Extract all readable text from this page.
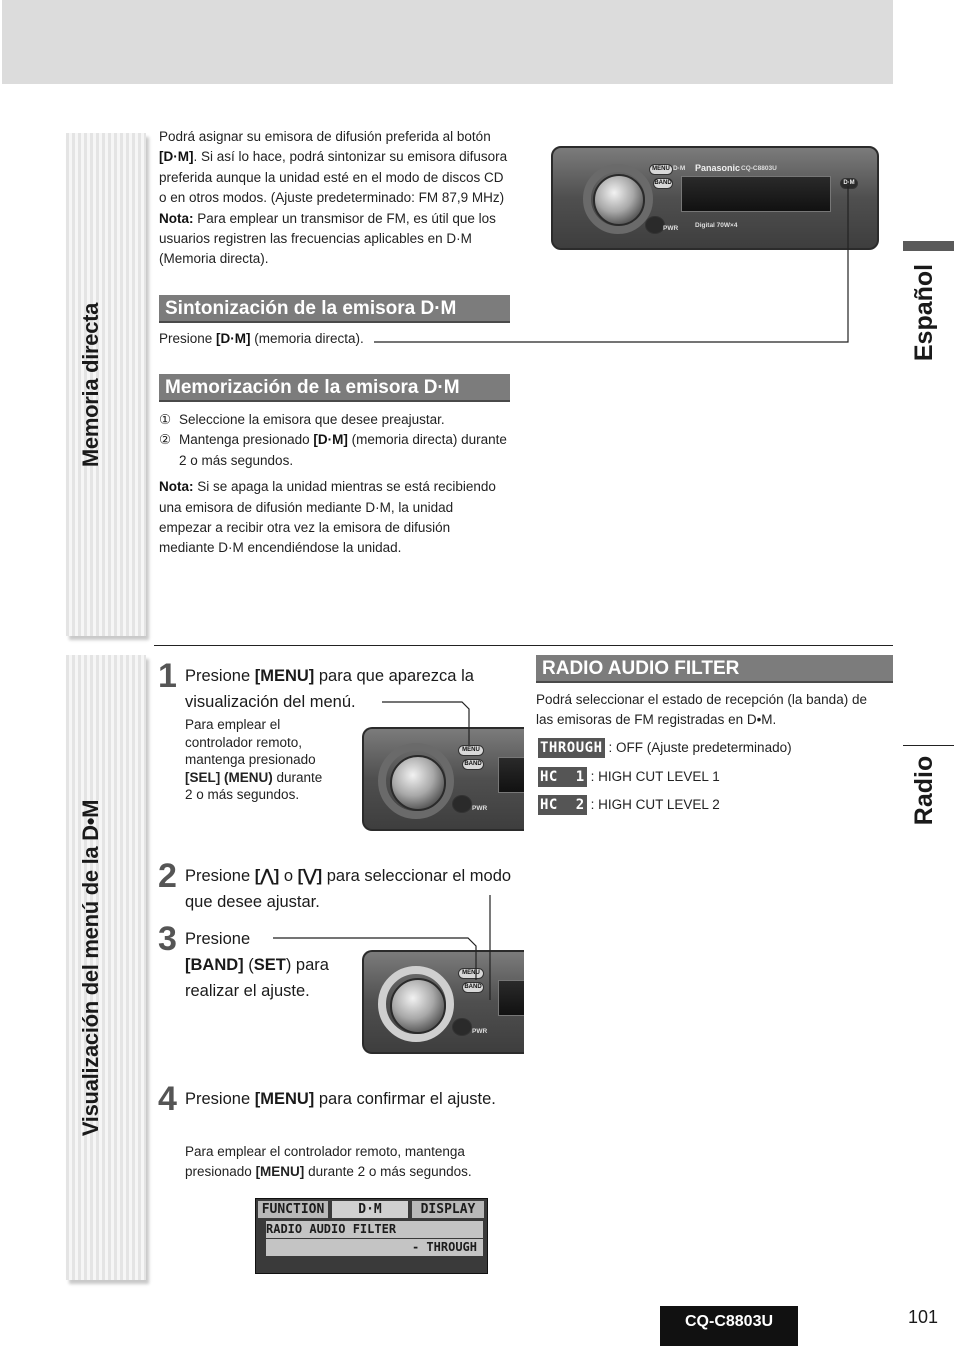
Memoria directa
Visualización del menú de la D•M
Podrá asignar su emisora de difusión preferida al botón [D·M]. Si así lo hace, podrá sintonizar su emisora difusora preferida aunque la unidad esté en el modo de discos CD o en otros modos. (Ajuste predeterminado: FM 87,9 MHz)
Nota: Para emplear un transmisor de FM, es útil que los usuarios registren las frecuencias aplicables en D·M (Memoria directa).
Sintonización de la emisora D·M
Presione [D·M] (memoria directa).
Memorización de la emisora D·M
① Seleccione la emisora que desee preajustar.
② Mantenga presionado [D·M] (memoria directa) durante 2 o más segundos.
Nota: Si se apaga la unidad mientras se está recibiendo una emisora de difusión mediante D·M, la unidad empezar a recibir otra vez la emisora de difusión mediante D·M encendiéndose la unidad.
MENU D·M
BAND
Panasonic CQ-C8803U
D·M
PWR	Digital 70W×4
MENU
BAND
PWR
MENU
BAND
PWR
1 Presione [MENU] para que aparezca la visualización del menú.
Para emplear el controlador remoto, mantenga presionado [SEL] (MENU) durante 2 o más segundos.
2 Presione [⋀] o [⋁] para seleccionar el modo que desee ajustar.
3 Presione
[BAND] (SET) para realizar el ajuste.
4 Presione [MENU] para confirmar el ajuste.
Para emplear el controlador remoto, mantenga presionado [MENU] durante 2 o más segundos.
FUNCTION	D·M	DISPLAY
RADIO AUDIO FILTER
- THROUGH
RADIO AUDIO FILTER
Podrá seleccionar el estado de recepción (la banda) de las emisoras de FM registradas en D•M.
THROUGH : OFF (Ajuste predeterminado)
HC  1 : HIGH CUT LEVEL 1
HC  2 : HIGH CUT LEVEL 2
Español
Radio
CQ-C8803U	101
